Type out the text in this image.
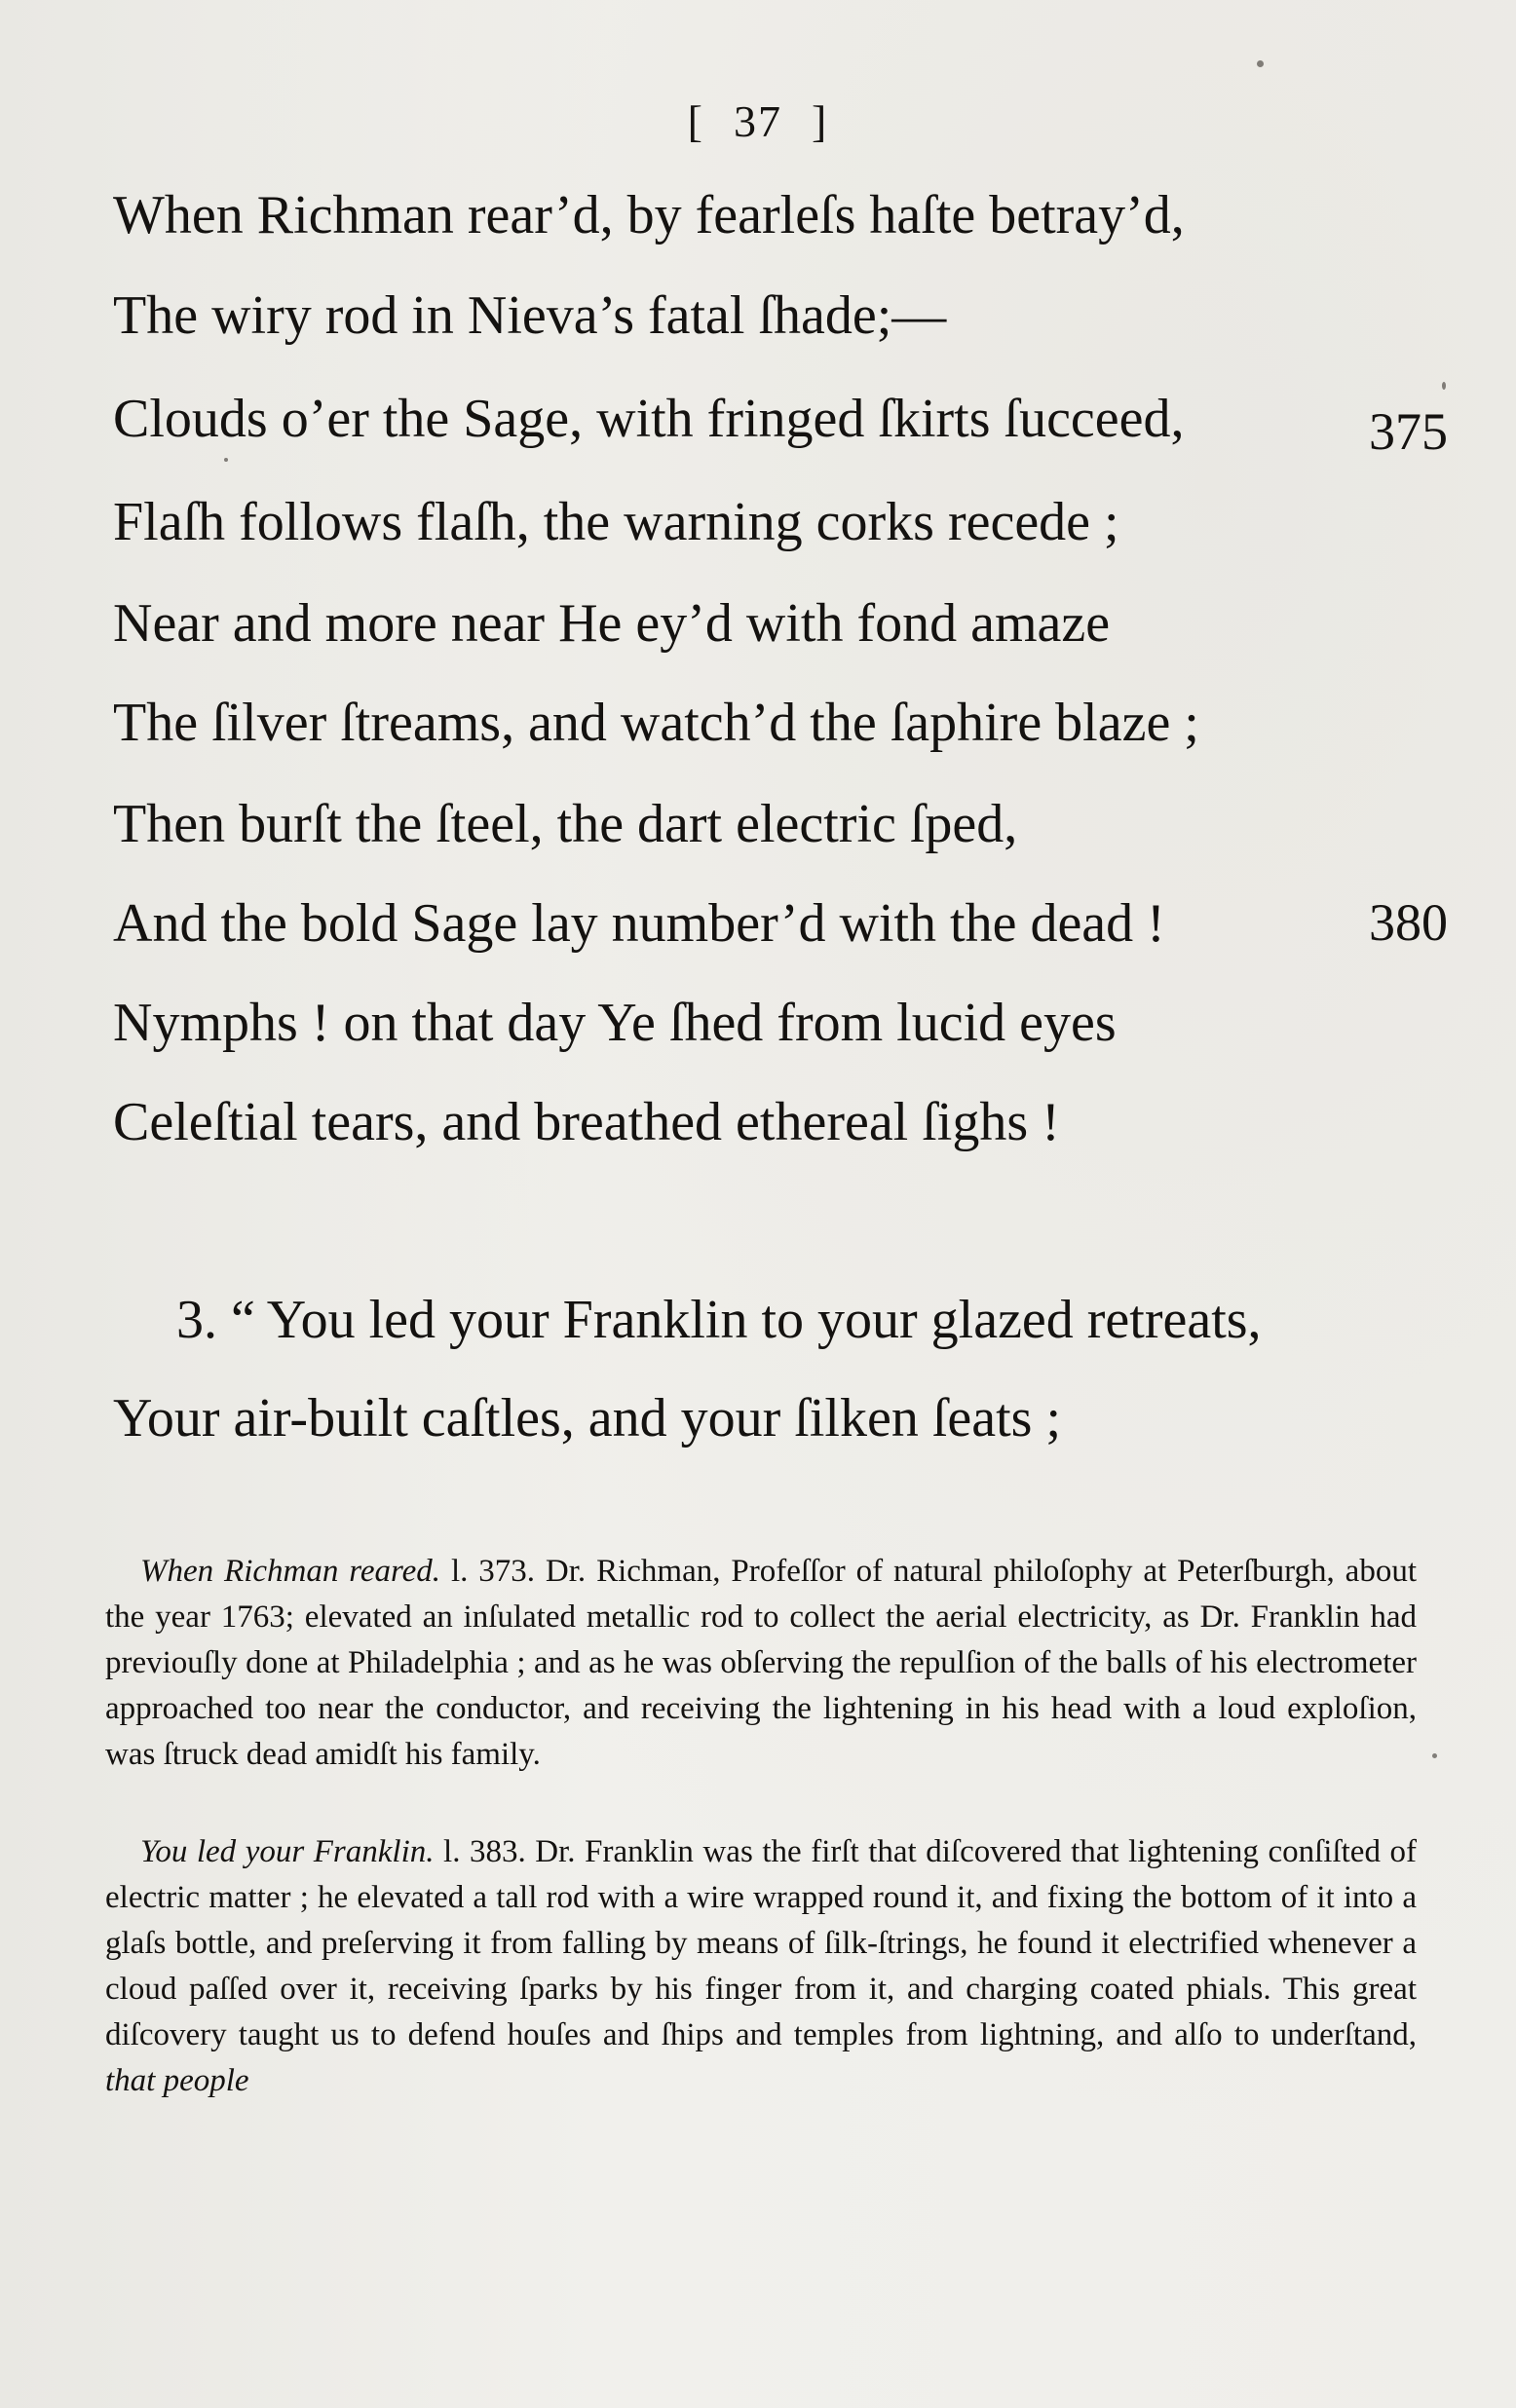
[ 37 ]
When Richman rear’d, by fearleſs haſte betray’d,
The wiry rod in Nieva’s fatal ſhade;—
Clouds o’er the Sage, with fringed ſkirts ſucceed,	375
Flaſh follows flaſh, the warning corks recede ;
Near and more near He ey’d with fond amaze
The ſilver ſtreams, and watch’d the ſaphire blaze ;
Then burſt the ſteel, the dart electric ſped,
And the bold Sage lay number’d with the dead !	380
Nymphs ! on that day Ye ſhed from lucid eyes
Celeſtial tears, and breathed ethereal ſighs !
3. “ You led your Franklin to your glazed retreats,
Your air-built caſtles, and your ſilken ſeats ;
When Richman reared. l. 373. Dr. Richman, Profeſſor of natural philoſophy at Peterſburgh, about the year 1763; elevated an inſulated metallic rod to collect the aerial electricity, as Dr. Franklin had previouſly done at Philadelphia ; and as he was obſerving the repulſion of the balls of his electrometer approached too near the conductor, and receiving the lightening in his head with a loud exploſion, was ſtruck dead amidſt his family.
You led your Franklin. l. 383. Dr. Franklin was the firſt that diſcovered that lightening conſiſted of electric matter ; he elevated a tall rod with a wire wrapped round it, and fixing the bottom of it into a glaſs bottle, and preſerving it from falling by means of ſilk-ſtrings, he found it electrified whenever a cloud paſſed over it, receiving ſparks by his finger from it, and charging coated phials. This great diſcovery taught us to defend houſes and ſhips and temples from lightning, and alſo to underſtand, that people
